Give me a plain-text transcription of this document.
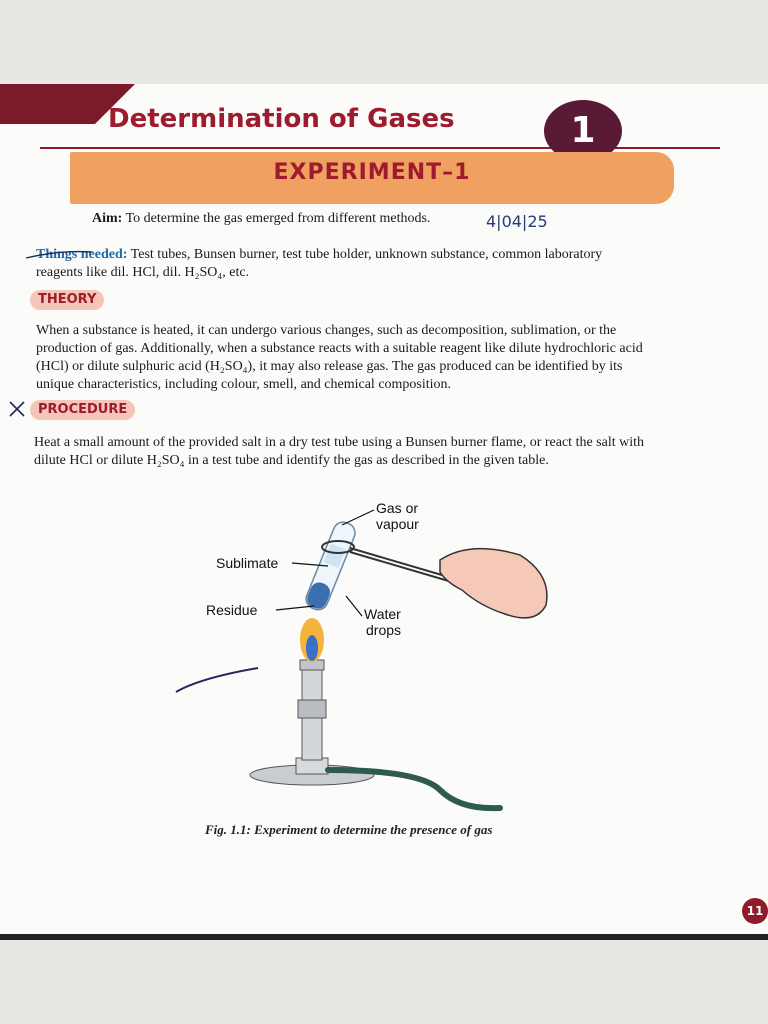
Determination of Gases	1
EXPERIMENT–1
Aim: To determine the gas emerged from different methods.	4|04|25
Things needed: Test tubes, Bunsen burner, test tube holder, unknown substance, common laboratory
reagents like dil. HCl, dil. H₂SO₄, etc.
THEORY
When a substance is heated, it can undergo various changes, such as decomposition, sublimation, or the
production of gas. Additionally, when a substance reacts with a suitable reagent like dilute hydrochloric acid
(HCl) or dilute sulphuric acid (H₂SO₄), it may also release gas. The gas produced can be identified by its
unique characteristics, including colour, smell, and chemical composition.
PROCEDURE
Heat a small amount of the provided salt in a dry test tube using a Bunsen burner flame, or react the salt with
dilute HCl or dilute H₂SO₄ in a test tube and identify the gas as described in the given table.
Gas or
vapour
Sublimate
Residue	Water
drops
Fig. 1.1: Experiment to determine the presence of gas
11
